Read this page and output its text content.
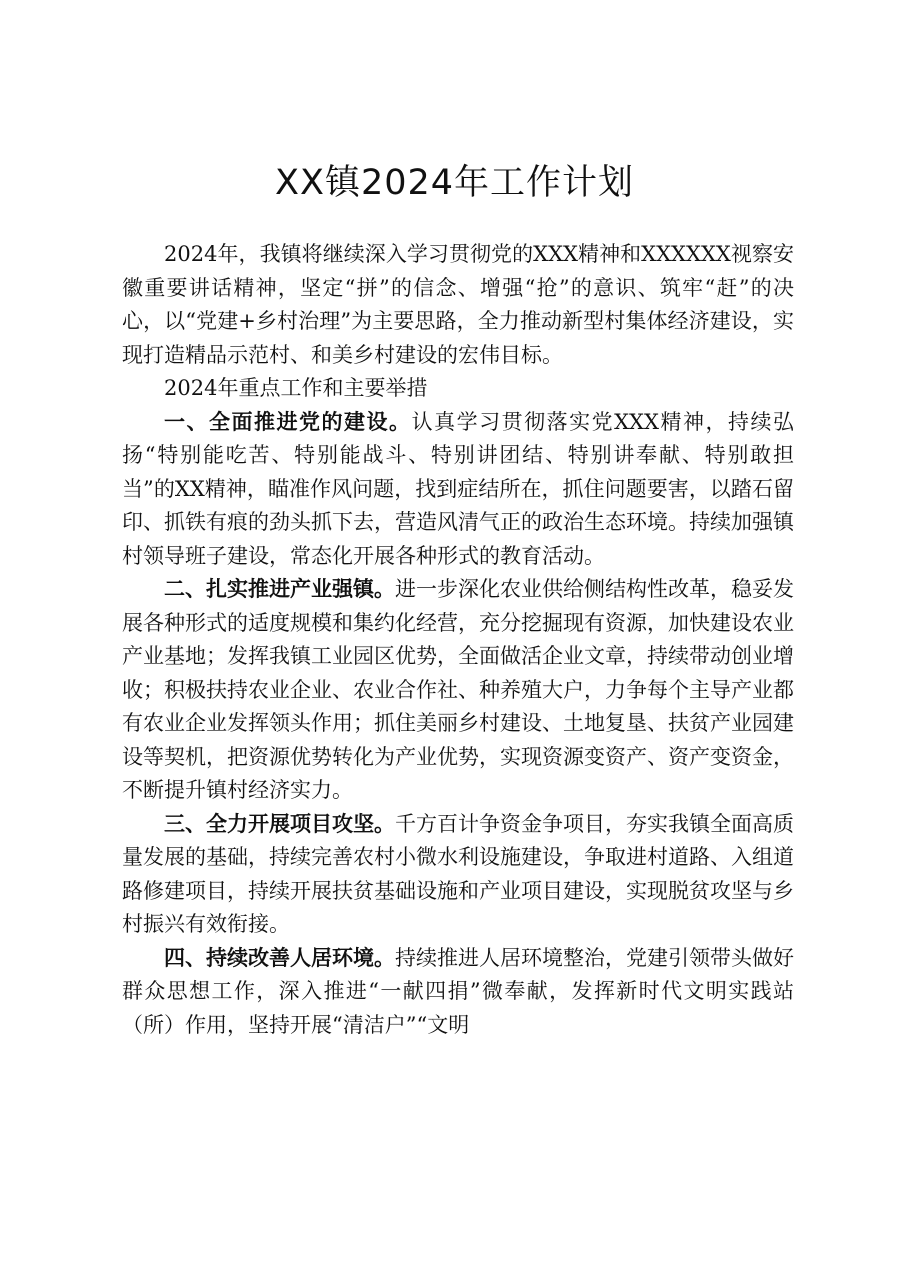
XX镇2024年工作计划

2024年，我镇将继续深入学习贯彻党的XXX精神和XXXXXX视察安徽重要讲话精神，坚定“拼”的信念、增强“抢”的意识、筑牢“赶”的决心，以“党建+乡村治理”为主要思路，全力推动新型村集体经济建设，实现打造精品示范村、和美乡村建设的宏伟目标。

2024年重点工作和主要举措

一、全面推进党的建设。认真学习贯彻落实党XXX精神，持续弘扬“特别能吃苦、特别能战斗、特别讲团结、特别讲奉献、特别敢担当”的XX精神，瞄准作风问题，找到症结所在，抓住问题要害，以踏石留印、抓铁有痕的劲头抓下去，营造风清气正的政治生态环境。持续加强镇村领导班子建设，常态化开展各种形式的教育活动。

二、扎实推进产业强镇。进一步深化农业供给侧结构性改革，稳妥发展各种形式的适度规模和集约化经营，充分挖掘现有资源，加快建设农业产业基地；发挥我镇工业园区优势，全面做活企业文章，持续带动创业增收；积极扶持农业企业、农业合作社、种养殖大户，力争每个主导产业都有农业企业发挥领头作用；抓住美丽乡村建设、土地复垦、扶贫产业园建设等契机，把资源优势转化为产业优势，实现资源变资产、资产变资金，不断提升镇村经济实力。

三、全力开展项目攻坚。千方百计争资金争项目，夯实我镇全面高质量发展的基础，持续完善农村小微水利设施建设，争取进村道路、入组道路修建项目，持续开展扶贫基础设施和产业项目建设，实现脱贫攻坚与乡村振兴有效衔接。

四、持续改善人居环境。持续推进人居环境整治，党建引领带头做好群众思想工作，深入推进“一献四捐”微奉献，发挥新时代文明实践站（所）作用，坚持开展“清洁户”“文明
